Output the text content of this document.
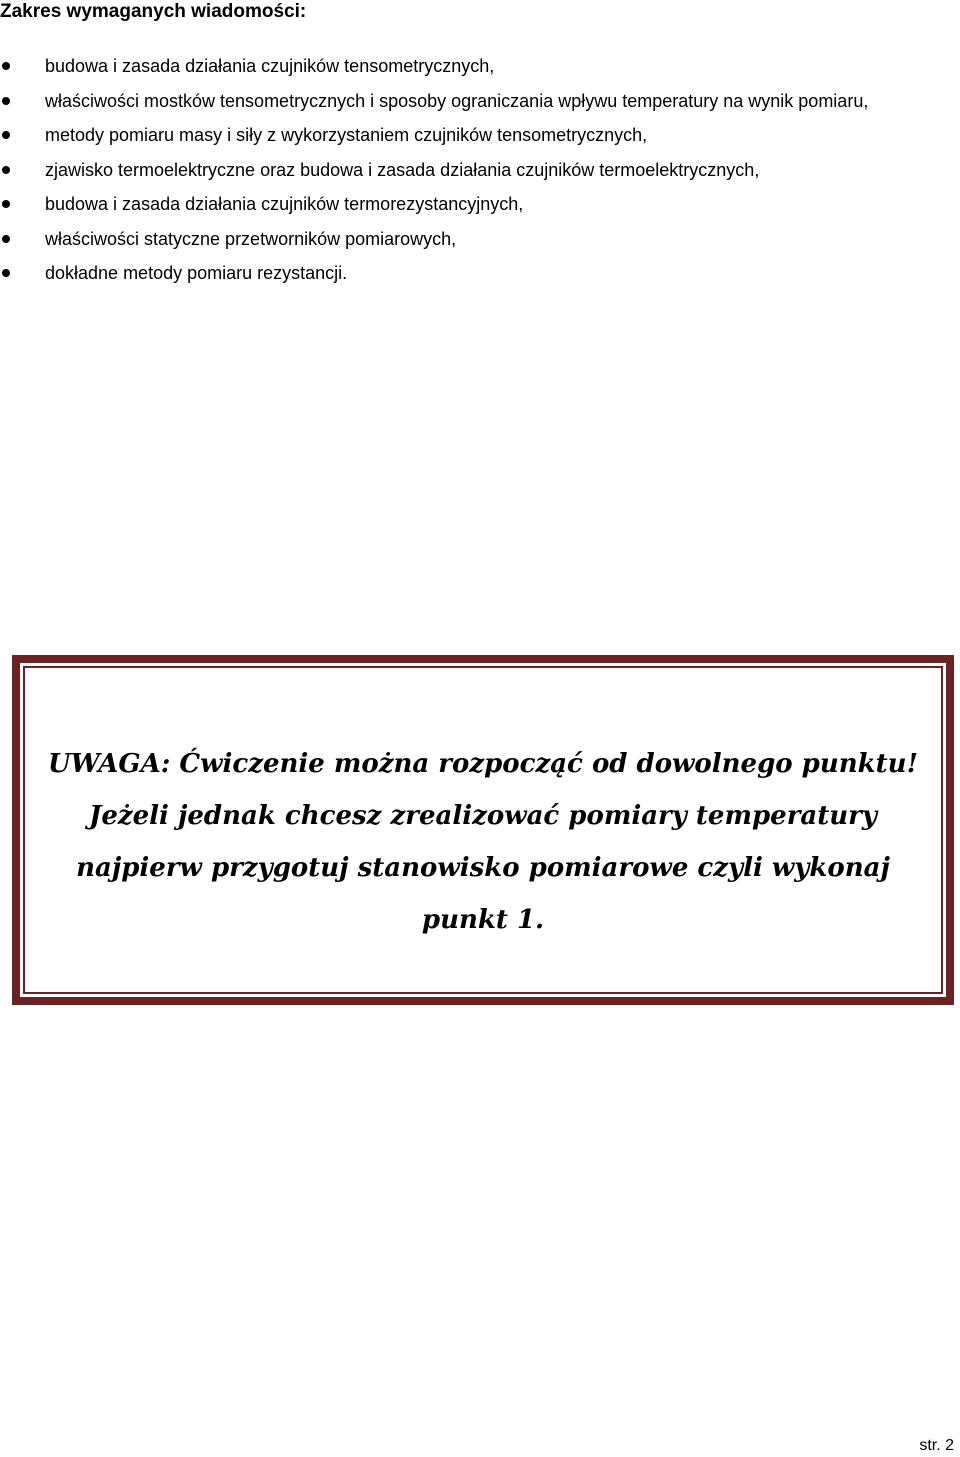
Zakres wymaganych wiadomości:
budowa i zasada działania czujników tensometrycznych,
właściwości mostków tensometrycznych i sposoby ograniczania wpływu temperatury na wynik pomiaru,
metody pomiaru masy i siły z wykorzystaniem czujników tensometrycznych,
zjawisko termoelektryczne oraz budowa i zasada działania czujników termoelektrycznych,
budowa i zasada działania czujników termorezystancyjnych,
właściwości statyczne przetworników pomiarowych,
dokładne metody pomiaru rezystancji.
UWAGA: Ćwiczenie można rozpocząć od dowolnego punktu!
Jeżeli jednak chcesz zrealizować pomiary temperatury
najpierw przygotuj stanowisko pomiarowe czyli wykonaj
punkt 1.
str. 2
